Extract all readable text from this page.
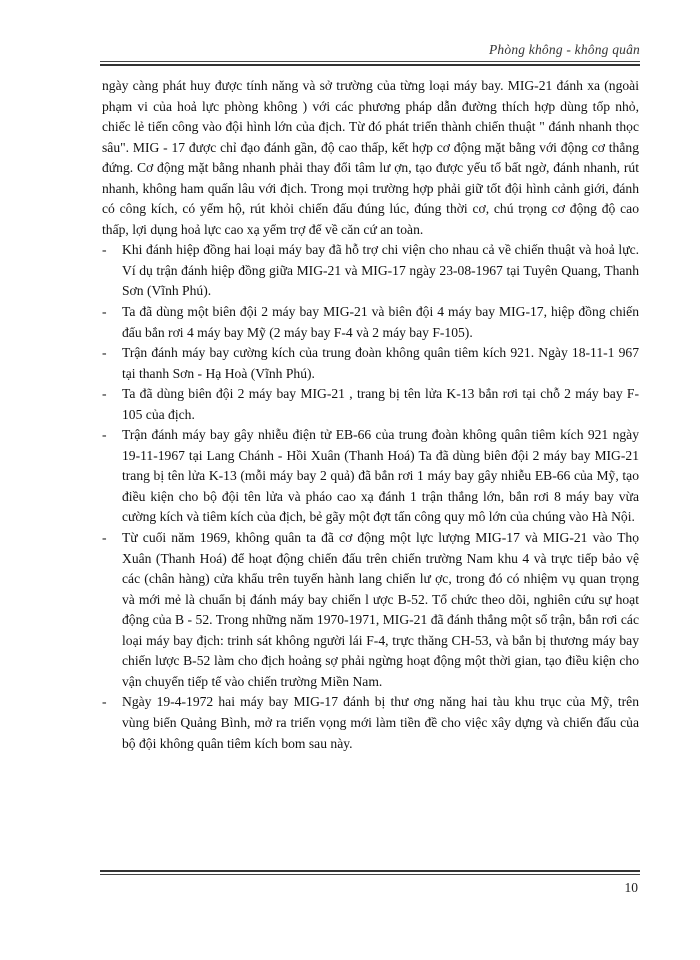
Phòng không - không quân

ngày càng phát huy được tính năng và sở trường của từng loại máy bay. MIG-21 đánh xa (ngoài phạm vi của hoả lực phòng không ) với các phương pháp dẫn đường thích hợp dùng tốp nhỏ, chiếc lẻ tiến công vào đội hình lớn của địch. Từ đó phát triển thành chiến thuật " đánh nhanh thọc sâu". MIG - 17 được chỉ đạo đánh gần, độ cao thấp, kết hợp cơ động mặt bằng với động cơ thẳng đứng. Cơ động mặt bằng nhanh phải thay đổi tâm lư ợn, tạo được yếu tố bất ngờ, đánh nhanh, rút nhanh, không ham quấn lâu với địch. Trong mọi trường hợp phải giữ tốt đội hình cảnh giới, đánh có công kích, có yểm hộ, rút khỏi chiến đấu đúng lúc, đúng thời cơ, chú trọng cơ động độ cao thấp, lợi dụng hoả lực cao xạ yểm trợ để về căn cứ an toàn.

- Khi đánh hiệp đồng hai loại máy bay đã hỗ trợ chi viện cho nhau cả về chiến thuật và hoả lực. Ví dụ trận đánh hiệp đồng giữa MIG-21 và MIG-17 ngày 23-08-1967 tại Tuyên Quang, Thanh Sơn (Vĩnh Phú).
- Ta đã dùng một biên đội 2 máy bay MIG-21 và biên đội 4 máy bay MIG-17, hiệp đồng chiến đấu bắn rơi 4 máy bay Mỹ (2 máy bay F-4 và 2 máy bay F-105).
- Trận đánh máy bay cường kích của trung đoàn không quân tiêm kích 921. Ngày 18-11-1 967 tại thanh Sơn - Hạ Hoà (Vĩnh Phú).
- Ta đã dùng biên đội 2 máy bay MIG-21 , trang bị tên lửa K-13 bắn rơi tại chỗ 2 máy bay F-105 của địch.
- Trận đánh máy bay gây nhiễu điện tử EB-66 của trung đoàn không quân tiêm kích 921 ngày 19-11-1967 tại Lang Chánh - Hồi Xuân (Thanh Hoá) Ta đã dùng biên đội 2 máy bay MIG-21 trang bị tên lửa K-13 (mỗi máy bay 2 quả) đã bắn rơi 1 máy bay gây nhiễu EB-66 của Mỹ, tạo điều kiện cho bộ đội tên lửa và pháo cao xạ đánh 1 trận thắng lớn, bắn rơi 8 máy bay vừa cường kích và tiêm kích của địch, bẻ gãy một đợt tấn công quy mô lớn của chúng vào Hà Nội.
- Từ cuối năm 1969, không quân ta đã cơ động một lực lượng MIG-17 và MIG-21 vào Thọ Xuân (Thanh Hoá) để hoạt động chiến đấu trên chiến trường Nam khu 4 và trực tiếp bảo vệ các (chân hàng) cửa khẩu trên tuyến hành lang chiến lư ợc, trong đó có nhiệm vụ quan trọng và mới mẻ là chuẩn bị đánh máy bay chiến l ược B-52. Tổ chức theo dõi, nghiên cứu sự hoạt động của B - 52. Trong những năm 1970-1971, MIG-21 đã đánh thắng một số trận, bắn rơi các loại máy bay địch: trinh sát không người lái F-4, trực thăng CH-53, và bắn bị thương máy bay chiến lược B-52 làm cho địch hoảng sợ phải ngừng hoạt động một thời gian, tạo điều kiện cho vận chuyển tiếp tế vào chiến trường Miền Nam.
- Ngày 19-4-1972 hai máy bay MIG-17 đánh bị thư ơng năng hai tàu khu trục của Mỹ, trên vùng biển Quảng Bình, mở ra triển vọng mới làm tiền đề cho việc xây dựng và chiến đấu của bộ đội không quân tiêm kích bom sau này.
10
